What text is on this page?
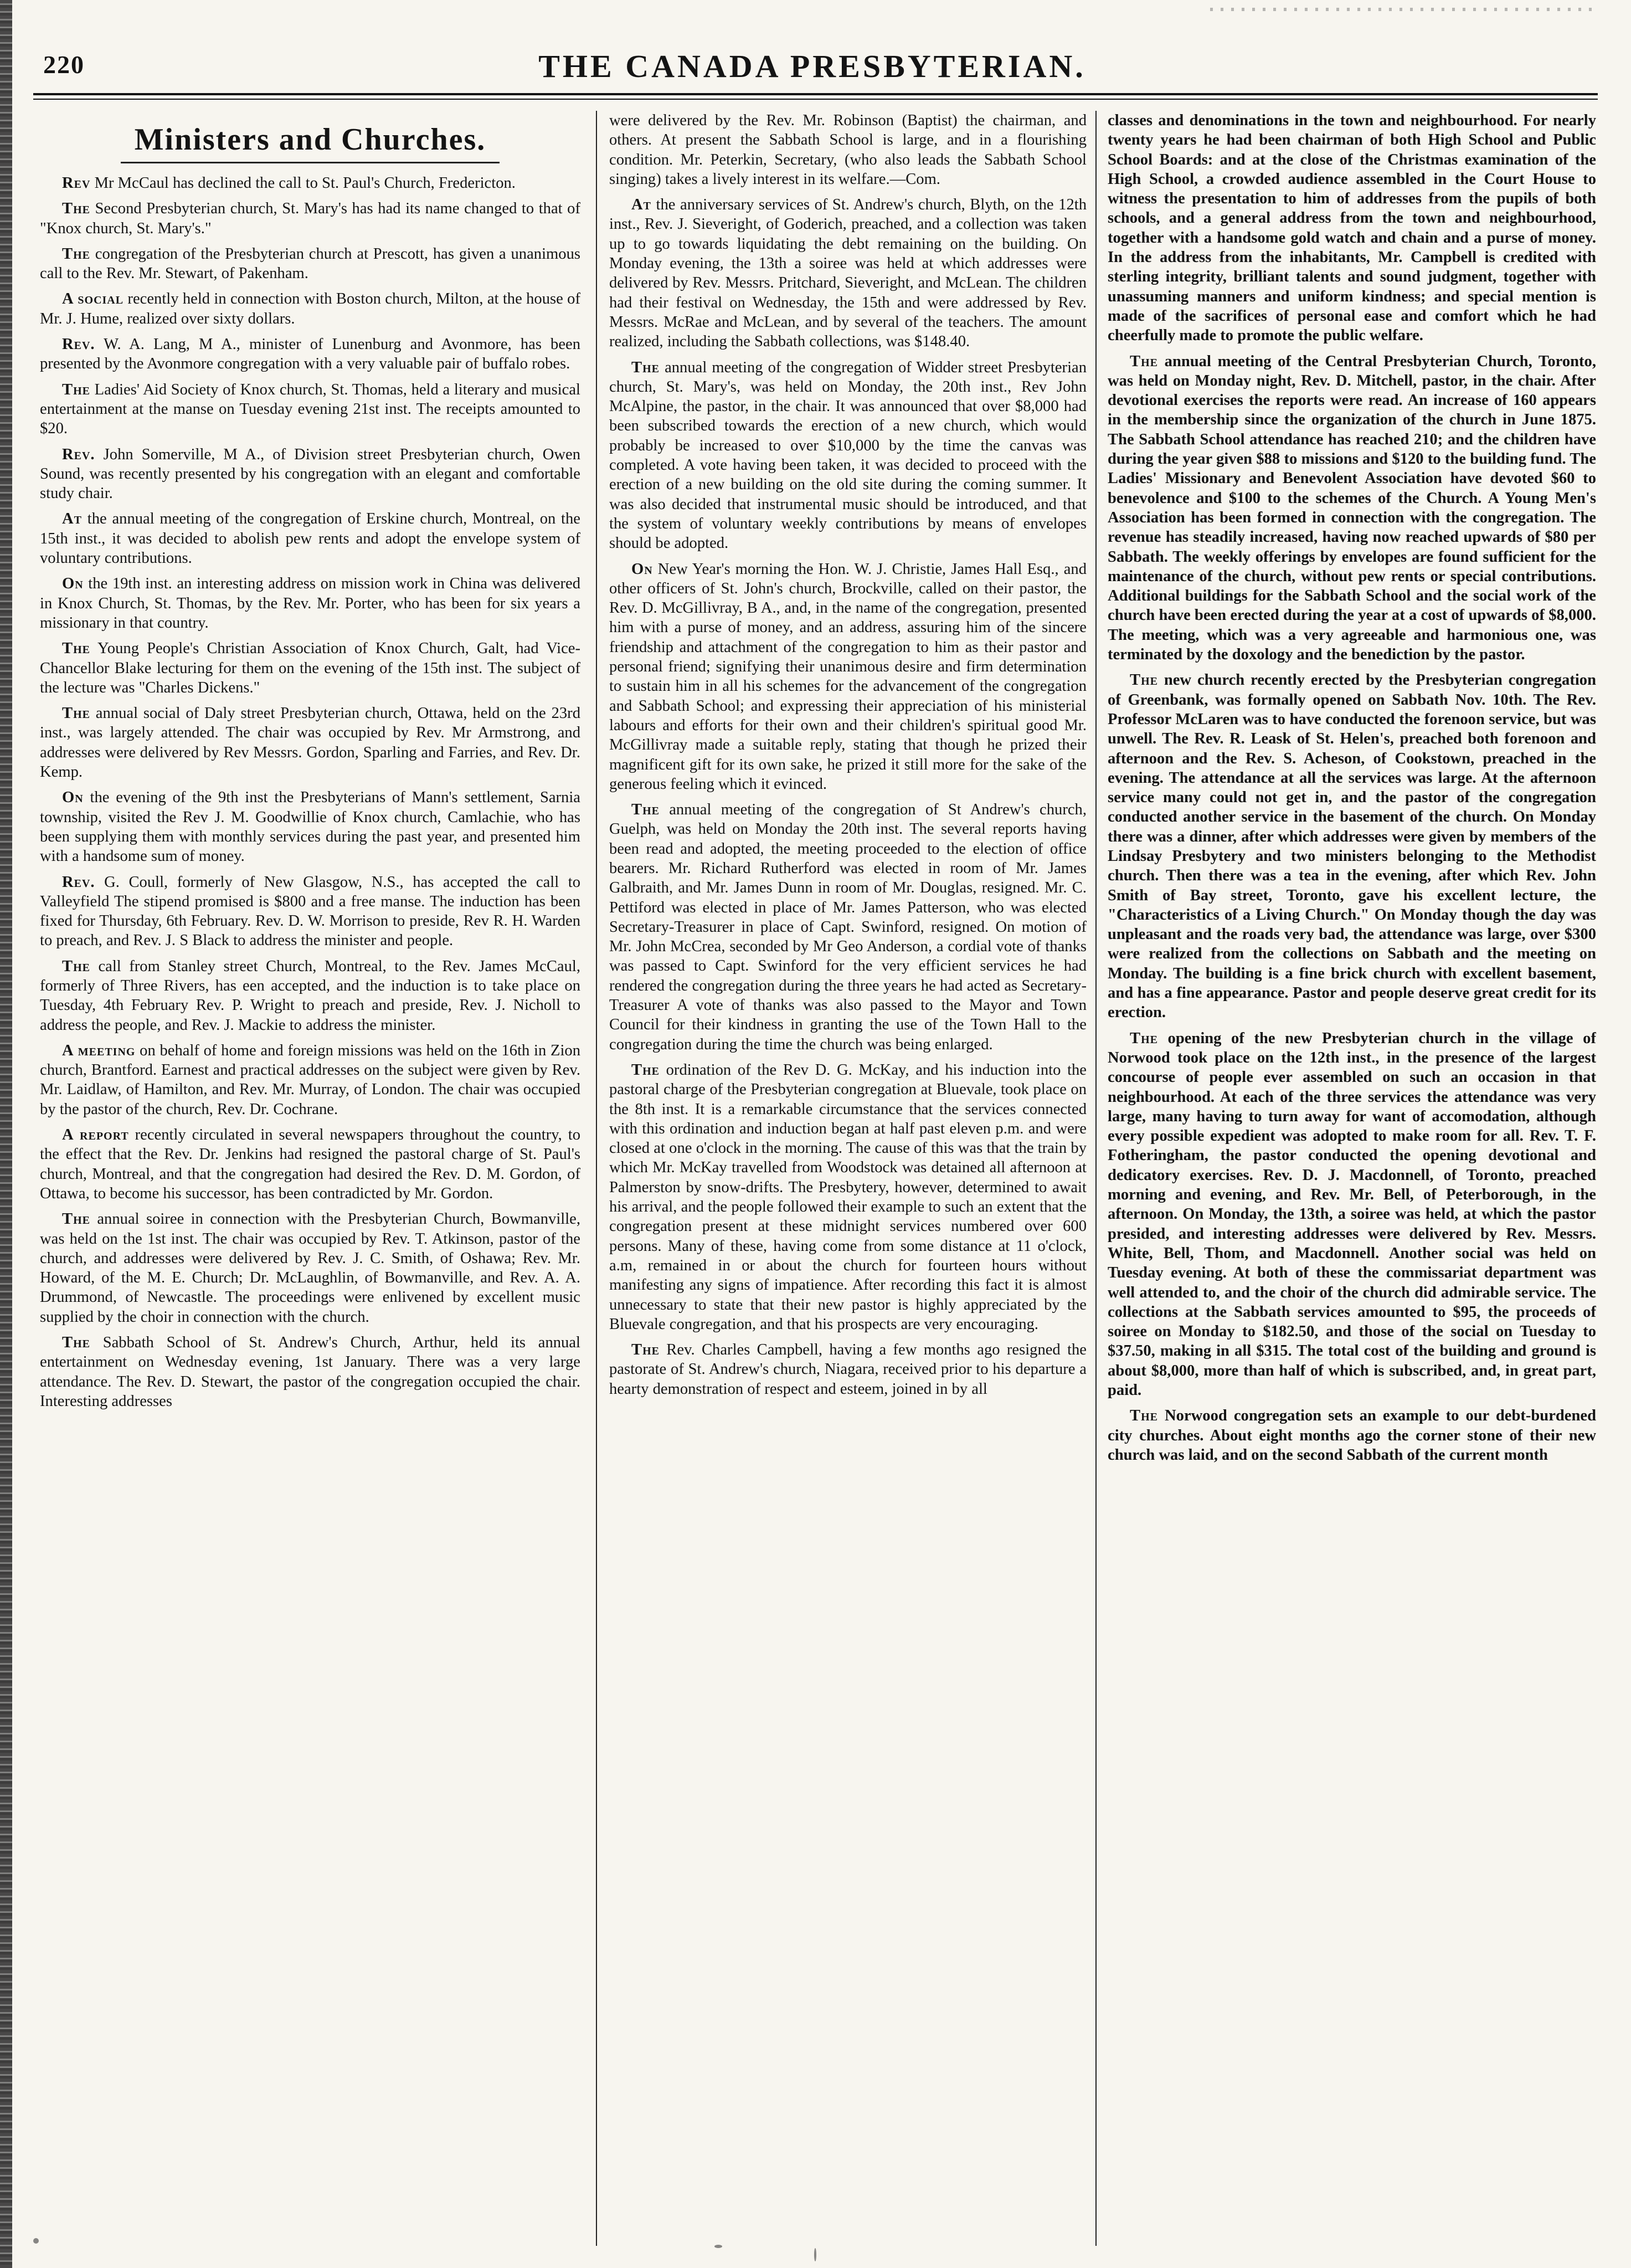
220	THE CANADA PRESBYTERIAN.
Ministers and Churches.

Rev Mr McCaul has declined the call to St. Paul's Church, Fredericton.

The Second Presbyterian church, St. Mary's has had its name changed to that of "Knox church, St. Mary's."

The congregation of the Presbyterian church at Prescott, has given a unanimous call to the Rev. Mr. Stewart, of Pakenham.

A social recently held in connection with Boston church, Milton, at the house of Mr. J. Hume, realized over sixty dollars.

Rev. W. A. Lang, M A., minister of Lunenburg and Avonmore, has been presented by the Avonmore congregation with a very valuable pair of buffalo robes.

The Ladies' Aid Society of Knox church, St. Thomas, held a literary and musical entertainment at the manse on Tuesday evening 21st inst. The receipts amounted to $20.

Rev. John Somerville, M A., of Division street Presbyterian church, Owen Sound, was recently presented by his congregation with an elegant and comfortable study chair.

At the annual meeting of the congregation of Erskine church, Montreal, on the 15th inst., it was decided to abolish pew rents and adopt the envelope system of voluntary contributions.

On the 19th inst. an interesting address on mission work in China was delivered in Knox Church, St. Thomas, by the Rev. Mr. Porter, who has been for six years a missionary in that country.

The Young People's Christian Association of Knox Church, Galt, had Vice-Chancellor Blake lecturing for them on the evening of the 15th inst. The subject of the lecture was "Charles Dickens."

The annual social of Daly street Presbyterian church, Ottawa, held on the 23rd inst., was largely attended. The chair was occupied by Rev. Mr Armstrong, and addresses were delivered by Rev Messrs. Gordon, Sparling and Farries, and Rev. Dr. Kemp.

On the evening of the 9th inst the Presbyterians of Mann's settlement, Sarnia township, visited the Rev J. M. Goodwillie of Knox church, Camlachie, who has been supplying them with monthly services during the past year, and presented him with a handsome sum of money.

Rev. G. Coull, formerly of New Glasgow, N.S., has accepted the call to Valleyfield The stipend promised is $800 and a free manse. The induction has been fixed for Thursday, 6th February. Rev. D. W. Morrison to preside, Rev R. H. Warden to preach, and Rev. J. S Black to address the minister and people.

The call from Stanley street Church, Montreal, to the Rev. James McCaul, formerly of Three Rivers, has een accepted, and the induction is to take place on Tuesday, 4th February Rev. P. Wright to preach and preside, Rev. J. Nicholl to address the people, and Rev. J. Mackie to address the minister.

A meeting on behalf of home and foreign missions was held on the 16th in Zion church, Brantford. Earnest and practical addresses on the subject were given by Rev. Mr. Laidlaw, of Hamilton, and Rev. Mr. Murray, of London. The chair was occupied by the pastor of the church, Rev. Dr. Cochrane.

A report recently circulated in several newspapers throughout the country, to the effect that the Rev. Dr. Jenkins had resigned the pastoral charge of St. Paul's church, Montreal, and that the congregation had desired the Rev. D. M. Gordon, of Ottawa, to become his successor, has been contradicted by Mr. Gordon.

The annual soiree in connection with the Presbyterian Church, Bowmanville, was held on the 1st inst. The chair was occupied by Rev. T. Atkinson, pastor of the church, and addresses were delivered by Rev. J. C. Smith, of Oshawa; Rev. Mr. Howard, of the M. E. Church; Dr. McLaughlin, of Bowmanville, and Rev. A. A. Drummond, of Newcastle. The proceedings were enlivened by excellent music supplied by the choir in connection with the church.

The Sabbath School of St. Andrew's Church, Arthur, held its annual entertainment on Wednesday evening, 1st January. There was a very large attendance. The Rev. D. Stewart, the pastor of the congregation occupied the chair. Interesting addresses

were delivered by the Rev. Mr. Robinson (Baptist) the chairman, and others. At present the Sabbath School is large, and in a flourishing condition. Mr. Peterkin, Secretary, (who also leads the Sabbath School singing) takes a lively interest in its welfare.—Com.

At the anniversary services of St. Andrew's church, Blyth, on the 12th inst., Rev. J. Sieveright, of Goderich, preached, and a collection was taken up to go towards liquidating the debt remaining on the building. On Monday evening, the 13th a soiree was held at which addresses were delivered by Rev. Messrs. Pritchard, Sieveright, and McLean. The children had their festival on Wednesday, the 15th and were addressed by Rev. Messrs. McRae and McLean, and by several of the teachers. The amount realized, including the Sabbath collections, was $148.40.

The annual meeting of the congregation of Widder street Presbyterian church, St. Mary's, was held on Monday, the 20th inst., Rev John McAlpine, the pastor, in the chair. It was announced that over $8,000 had been subscribed towards the erection of a new church, which would probably be increased to over $10,000 by the time the canvas was completed. A vote having been taken, it was decided to proceed with the erection of a new building on the old site during the coming summer. It was also decided that instrumental music should be introduced, and that the system of voluntary weekly contributions by means of envelopes should be adopted.

On New Year's morning the Hon. W. J. Christie, James Hall Esq., and other officers of St. John's church, Brockville, called on their pastor, the Rev. D. McGillivray, B A., and, in the name of the congregation, presented him with a purse of money, and an address, assuring him of the sincere friendship and attachment of the congregation to him as their pastor and personal friend; signifying their unanimous desire and firm determination to sustain him in all his schemes for the advancement of the congregation and Sabbath School; and expressing their appreciation of his ministerial labours and efforts for their own and their children's spiritual good Mr. McGillivray made a suitable reply, stating that though he prized their magnificent gift for its own sake, he prized it still more for the sake of the generous feeling which it evinced.

The annual meeting of the congregation of St Andrew's church, Guelph, was held on Monday the 20th inst. The several reports having been read and adopted, the meeting proceeded to the election of office bearers. Mr. Richard Rutherford was elected in room of Mr. James Galbraith, and Mr. James Dunn in room of Mr. Douglas, resigned. Mr. C. Pettiford was elected in place of Mr. James Patterson, who was elected Secretary-Treasurer in place of Capt. Swinford, resigned. On motion of Mr. John McCrea, seconded by Mr Geo Anderson, a cordial vote of thanks was passed to Capt. Swinford for the very efficient services he had rendered the congregation during the three years he had acted as Secretary-Treasurer A vote of thanks was also passed to the Mayor and Town Council for their kindness in granting the use of the Town Hall to the congregation during the time the church was being enlarged.

The ordination of the Rev D. G. McKay, and his induction into the pastoral charge of the Presbyterian congregation at Bluevale, took place on the 8th inst. It is a remarkable circumstance that the services connected with this ordination and induction began at half past eleven p.m. and were closed at one o'clock in the morning. The cause of this was that the train by which Mr. McKay travelled from Woodstock was detained all afternoon at Palmerston by snow-drifts. The Presbytery, however, determined to await his arrival, and the people followed their example to such an extent that the congregation present at these midnight services numbered over 600 persons. Many of these, having come from some distance at 11 o'clock, a.m, remained in or about the church for fourteen hours without manifesting any signs of impatience. After recording this fact it is almost unnecessary to state that their new pastor is highly appreciated by the Bluevale congregation, and that his prospects are very encouraging.

The Rev. Charles Campbell, having a few months ago resigned the pastorate of St. Andrew's church, Niagara, received prior to his departure a hearty demonstration of respect and esteem, joined in by all

classes and denominations in the town and neighbourhood. For nearly twenty years he had been chairman of both High School and Public School Boards: and at the close of the Christmas examination of the High School, a crowded audience assembled in the Court House to witness the presentation to him of addresses from the pupils of both schools, and a general address from the town and neighbourhood, together with a handsome gold watch and chain and a purse of money. In the address from the inhabitants, Mr. Campbell is credited with sterling integrity, brilliant talents and sound judgment, together with unassuming manners and uniform kindness; and special mention is made of the sacrifices of personal ease and comfort which he had cheerfully made to promote the public welfare.

The annual meeting of the Central Presbyterian Church, Toronto, was held on Monday night, Rev. D. Mitchell, pastor, in the chair. After devotional exercises the reports were read. An increase of 160 appears in the membership since the organization of the church in June 1875. The Sabbath School attendance has reached 210; and the children have during the year given $88 to missions and $120 to the building fund. The Ladies' Missionary and Benevolent Association have devoted $60 to benevolence and $100 to the schemes of the Church. A Young Men's Association has been formed in connection with the congregation. The revenue has steadily increased, having now reached upwards of $80 per Sabbath. The weekly offerings by envelopes are found sufficient for the maintenance of the church, without pew rents or special contributions. Additional buildings for the Sabbath School and the social work of the church have been erected during the year at a cost of upwards of $8,000. The meeting, which was a very agreeable and harmonious one, was terminated by the doxology and the benediction by the pastor.

The new church recently erected by the Presbyterian congregation of Greenbank, was formally opened on Sabbath Nov. 10th. The Rev. Professor McLaren was to have conducted the forenoon service, but was unwell. The Rev. R. Leask of St. Helen's, preached both forenoon and afternoon and the Rev. S. Acheson, of Cookstown, preached in the evening. The attendance at all the services was large. At the afternoon service many could not get in, and the pastor of the congregation conducted another service in the basement of the church. On Monday there was a dinner, after which addresses were given by members of the Lindsay Presbytery and two ministers belonging to the Methodist church. Then there was a tea in the evening, after which Rev. John Smith of Bay street, Toronto, gave his excellent lecture, the "Characteristics of a Living Church." On Monday though the day was unpleasant and the roads very bad, the attendance was large, over $300 were realized from the collections on Sabbath and the meeting on Monday. The building is a fine brick church with excellent basement, and has a fine appearance. Pastor and people deserve great credit for its erection.

The opening of the new Presbyterian church in the village of Norwood took place on the 12th inst., in the presence of the largest concourse of people ever assembled on such an occasion in that neighbourhood. At each of the three services the attendance was very large, many having to turn away for want of accomodation, although every possible expedient was adopted to make room for all. Rev. T. F. Fotheringham, the pastor conducted the opening devotional and dedicatory exercises. Rev. D. J. Macdonnell, of Toronto, preached morning and evening, and Rev. Mr. Bell, of Peterborough, in the afternoon. On Monday, the 13th, a soiree was held, at which the pastor presided, and interesting addresses were delivered by Rev. Messrs. White, Bell, Thom, and Macdonnell. Another social was held on Tuesday evening. At both of these the commissariat department was well attended to, and the choir of the church did admirable service. The collections at the Sabbath services amounted to $95, the proceeds of soiree on Monday to $182.50, and those of the social on Tuesday to $37.50, making in all $315. The total cost of the building and ground is about $8,000, more than half of which is subscribed, and, in great part, paid.

The Norwood congregation sets an example to our debt-burdened city churches. About eight months ago the corner stone of their new church was laid, and on the second Sabbath of the current month
